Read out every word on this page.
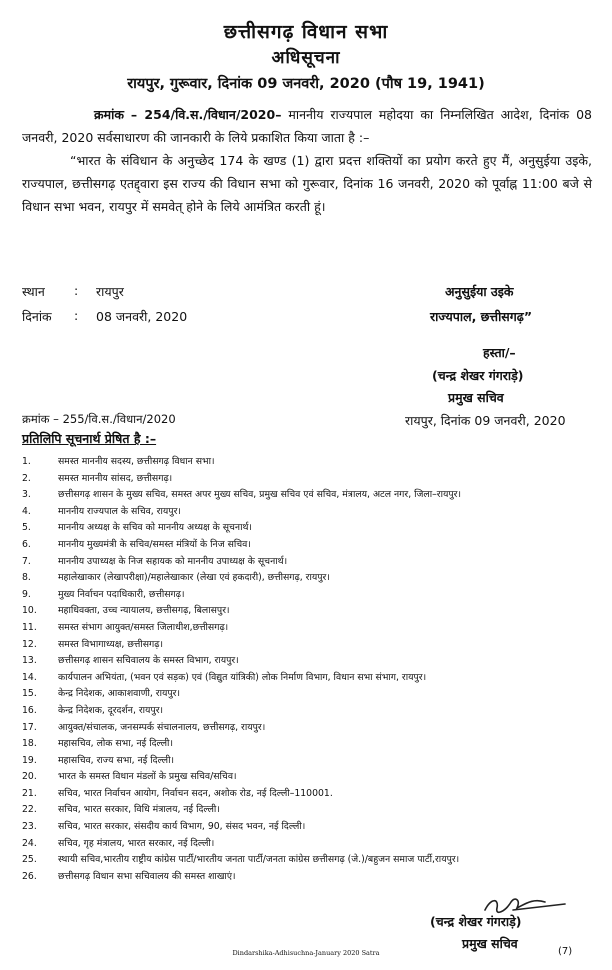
छत्तीसगढ़ विधान सभा
अधिसूचना
रायपुर, गुरूवार, दिनांक 09 जनवरी, 2020 (पौष 19, 1941)
क्रमांक – 254/वि.स./विधान/2020– माननीय राज्यपाल महोदया का निम्नलिखित आदेश, दिनांक 08 जनवरी, 2020 सर्वसाधारण की जानकारी के लिये प्रकाशित किया जाता है :–
“भारत के संविधान के अनुच्छेद 174 के खण्ड (1) द्वारा प्रदत्त शक्तियों का प्रयोग करते हुए मैं, अनुसुईया उइके, राज्यपाल, छत्तीसगढ़ एतद्द्वारा इस राज्य की विधान सभा को गुरूवार, दिनांक 16 जनवरी, 2020 को पूर्वाह्न 11:00 बजे से विधान सभा भवन, रायपुर में समवेत् होने के लिये आमंत्रित करती हूं।
स्थान : रायपुर
दिनांक : 08 जनवरी, 2020
अनुसुईया उइके
राज्यपाल, छत्तीसगढ़”
हस्ता/–
(चन्द्र शेखर गंगराड़े)
प्रमुख सचिव
रायपुर, दिनांक 09 जनवरी, 2020
क्रमांक – 255/वि.स./विधान/2020
प्रतिलिपि सूचनार्थ प्रेषित है :–
1.	समस्त माननीय सदस्य, छत्तीसगढ़ विधान सभा।
2.	समस्त माननीय सांसद, छत्तीसगढ़।
3.	छत्तीसगढ़ शासन के मुख्य सचिव, समस्त अपर मुख्य सचिव, प्रमुख सचिव एवं सचिव, मंत्रालय, अटल नगर, जिला–रायपुर।
4.	माननीय राज्यपाल के सचिव, रायपुर।
5.	माननीय अध्यक्ष के सचिव को माननीय अध्यक्ष के सूचनार्थ।
6.	माननीय मुख्यमंत्री के सचिव/समस्त मंत्रियों के निज सचिव।
7.	माननीय उपाध्यक्ष के निज सहायक को माननीय उपाध्यक्ष के सूचनार्थ।
8.	महालेखाकार (लेखापरीक्षा)/महालेखाकार (लेखा एवं हकदारी), छत्तीसगढ़, रायपुर।
9.	मुख्य निर्वाचन पदाधिकारी, छत्तीसगढ़।
10.	महाधिवक्ता, उच्च न्यायालय, छत्तीसगढ़, बिलासपुर।
11.	समस्त संभाग आयुक्त/समस्त जिलाधीश,छत्तीसगढ़।
12.	समस्त विभागाध्यक्ष, छत्तीसगढ़।
13.	छत्तीसगढ़ शासन सचिवालय के समस्त विभाग, रायपुर।
14.	कार्यपालन अभियंता, (भवन एवं सड़क) एवं (विद्युत यांत्रिकी) लोक निर्माण विभाग, विधान सभा संभाग, रायपुर।
15.	केन्द्र निदेशक, आकाशवाणी, रायपुर।
16.	केन्द्र निदेशक, दूरदर्शन, रायपुर।
17.	आयुक्त/संचालक, जनसम्पर्क संचालनालय, छत्तीसगढ़, रायपुर।
18.	महासचिव, लोक सभा, नई दिल्ली।
19.	महासचिव, राज्य सभा, नई दिल्ली।
20.	भारत के समस्त विधान मंडलों के प्रमुख सचिव/सचिव।
21.	सचिव, भारत निर्वाचन आयोग, निर्वाचन सदन, अशोक रोड, नई दिल्ली–110001.
22.	सचिव, भारत सरकार, विधि मंत्रालय, नई दिल्ली।
23.	सचिव, भारत सरकार, संसदीय कार्य विभाग, 90, संसद भवन, नई दिल्ली।
24.	सचिव, गृह मंत्रालय, भारत सरकार, नई दिल्ली।
25.	स्थायी सचिव,भारतीय राष्ट्रीय कांग्रेस पार्टी/भारतीय जनता पार्टी/जनता कांग्रेस छत्तीसगढ़ (जे.)/बहुजन समाज पार्टी,रायपुर।
26.	छत्तीसगढ़ विधान सभा सचिवालय की समस्त शाखाएं।
(चन्द्र शेखर गंगराड़े)
प्रमुख सचिव
Dindarshika-Adhisuchna-January 2020 Satra	(7)
